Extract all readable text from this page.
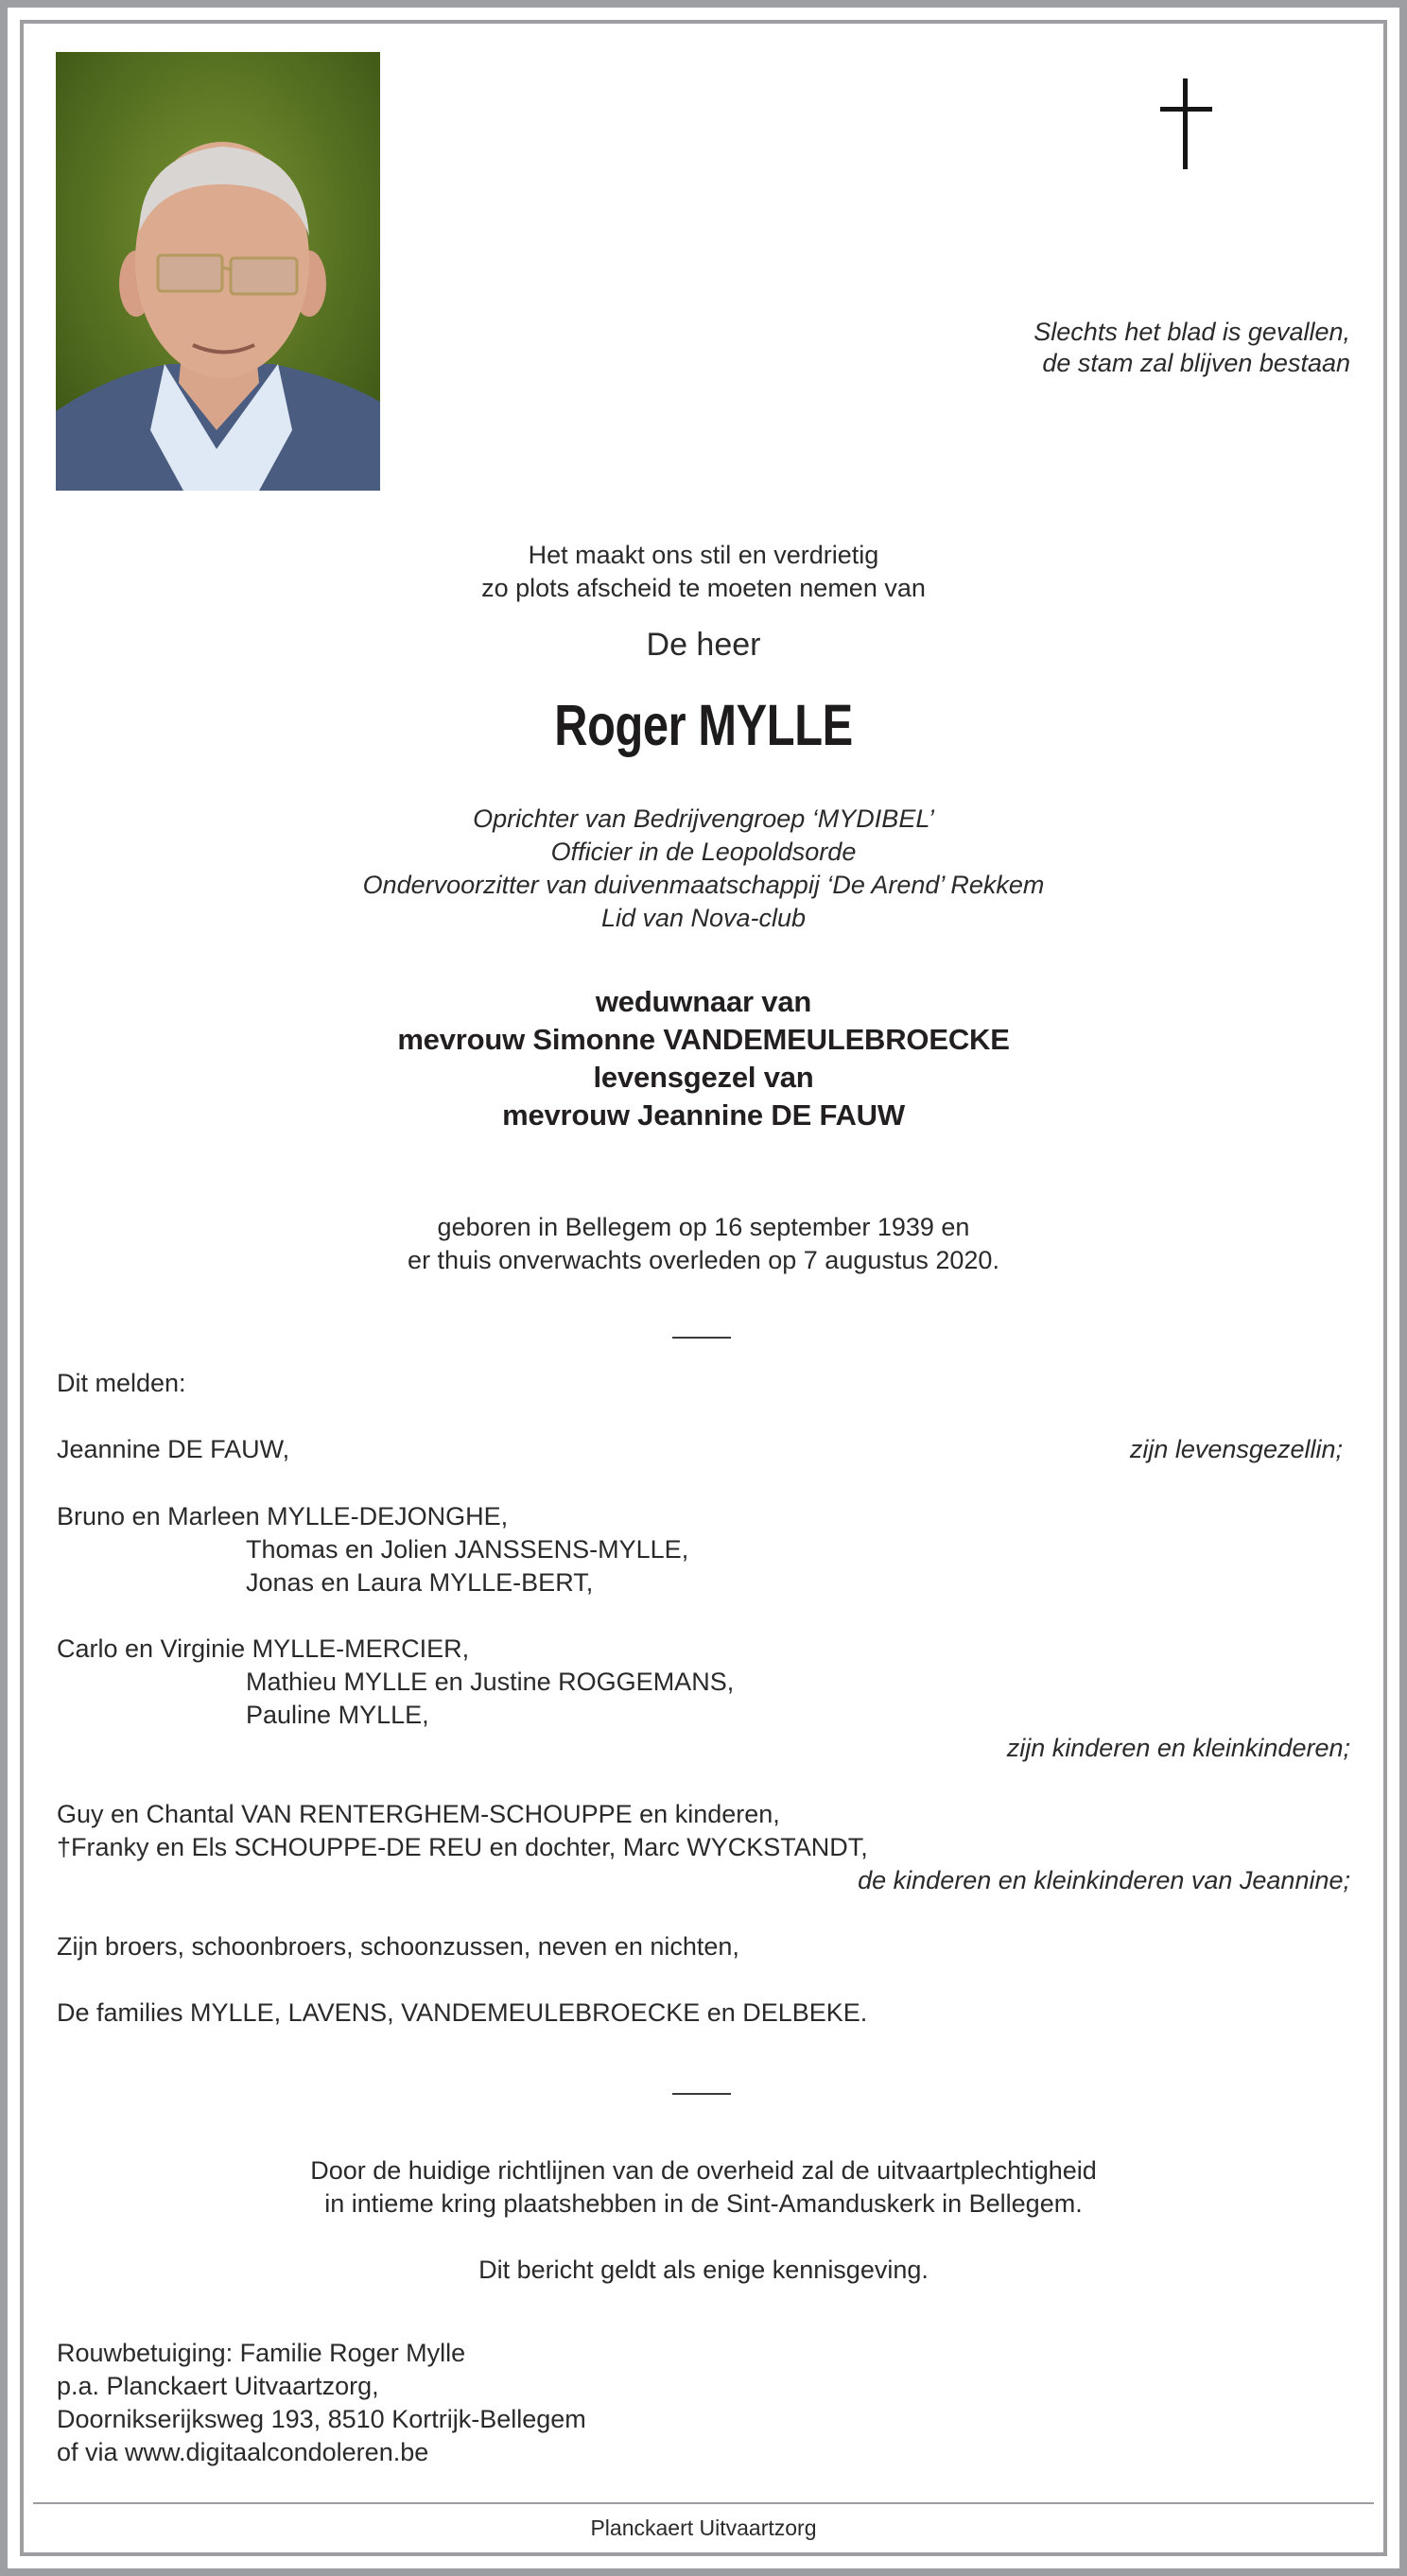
Slechts het blad is gevallen,
de stam zal blijven bestaan
Het maakt ons stil en verdrietig
zo plots afscheid te moeten nemen van
De heer
Roger MYLLE
Oprichter van Bedrijvengroep ‘MYDIBEL’
Officier in de Leopoldsorde
Ondervoorzitter van duivenmaatschappij ‘De Arend’ Rekkem
Lid van Nova-club
weduwnaar van
mevrouw Simonne VANDEMEULEBROECKE
levensgezel van
mevrouw Jeannine DE FAUW
geboren in Bellegem op 16 september 1939 en
er thuis onverwachts overleden op 7 augustus 2020.
Dit melden:
Jeannine DE FAUW,	zijn levensgezellin;
Bruno en Marleen MYLLE-DEJONGHE,
Thomas en Jolien JANSSENS-MYLLE,
Jonas en Laura MYLLE-BERT,
Carlo en Virginie MYLLE-MERCIER,
Mathieu MYLLE en Justine ROGGEMANS,
Pauline MYLLE,
zijn kinderen en kleinkinderen;
Guy en Chantal VAN RENTERGHEM-SCHOUPPE en kinderen,
†Franky en Els SCHOUPPE-DE REU en dochter, Marc WYCKSTANDT,
de kinderen en kleinkinderen van Jeannine;
Zijn broers, schoonbroers, schoonzussen, neven en nichten,
De families MYLLE, LAVENS, VANDEMEULEBROECKE en DELBEKE.
Door de huidige richtlijnen van de overheid zal de uitvaartplechtigheid
in intieme kring plaatshebben in de Sint-Amanduskerk in Bellegem.
Dit bericht geldt als enige kennisgeving.
Rouwbetuiging: Familie Roger Mylle
p.a. Planckaert Uitvaartzorg,
Doornikserijksweg 193, 8510 Kortrijk-Bellegem
of via www.digitaalcondoleren.be
Planckaert Uitvaartzorg
